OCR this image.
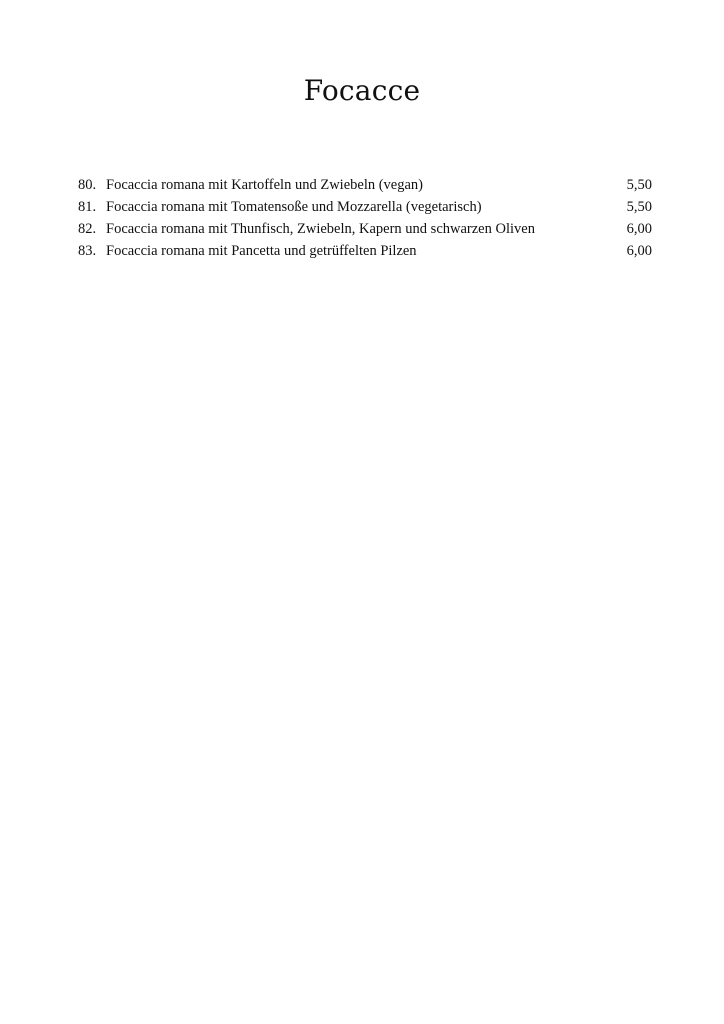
Focacce
80. Focaccia romana mit Kartoffeln und Zwiebeln (vegan)	5,50
81. Focaccia romana mit Tomatensoße und Mozzarella (vegetarisch)	5,50
82. Focaccia romana mit Thunfisch, Zwiebeln, Kapern und schwarzen Oliven	6,00
83. Focaccia romana mit Pancetta und getrüffelten Pilzen	6,00
